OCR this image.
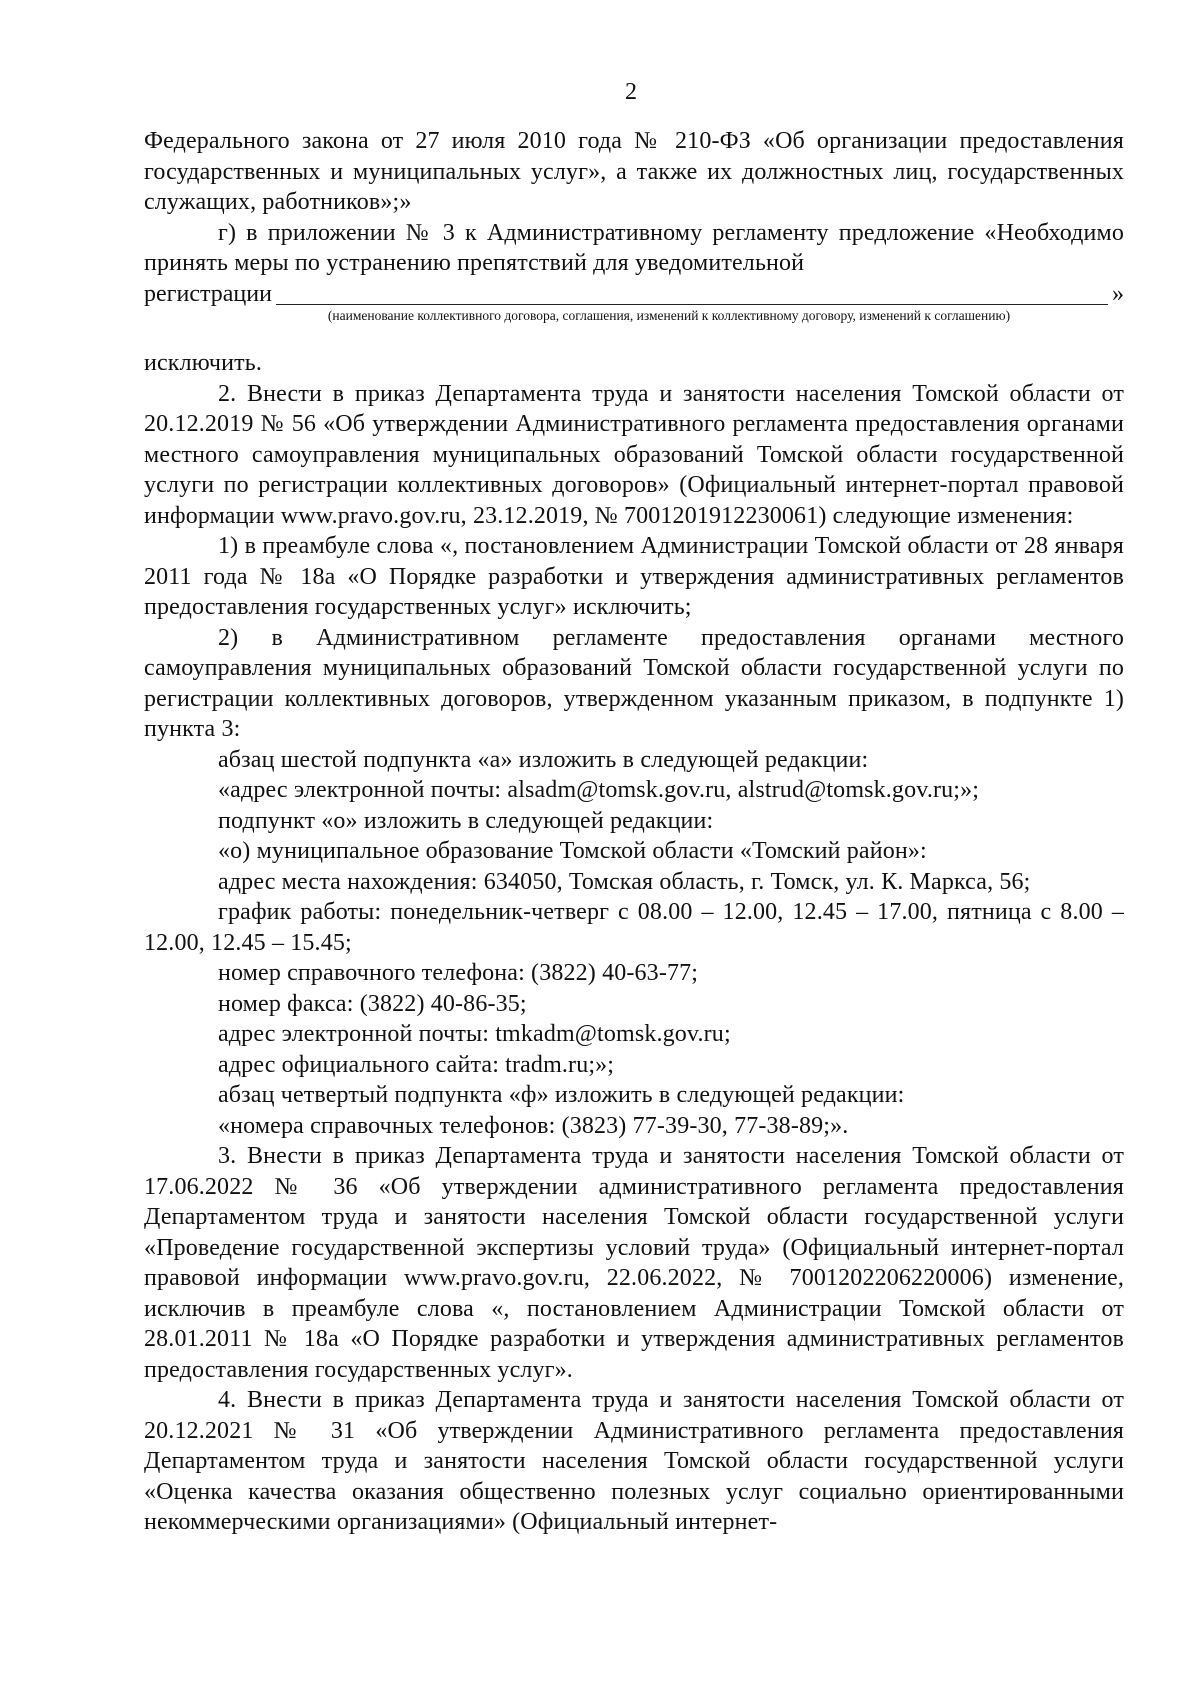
2

Федерального закона от 27 июля 2010 года № 210-ФЗ «Об организации предоставления государственных и муниципальных услуг», а также их должностных лиц, государственных служащих, работников»;»

г) в приложении № 3 к Административному регламенту предложение «Необходимо принять меры по устранению препятствий для уведомительной

регистрации	»
(наименование коллективного договора, соглашения, изменений к коллективному договору, изменений к соглашению)

исключить.

2. Внести в приказ Департамента труда и занятости населения Томской области от 20.12.2019 № 56 «Об утверждении Административного регламента предоставления органами местного самоуправления муниципальных образований Томской области государственной услуги по регистрации коллективных договоров» (Официальный интернет-портал правовой информации www.pravo.gov.ru, 23.12.2019, № 7001201912230061) следующие изменения:

1) в преамбуле слова «, постановлением Администрации Томской области от 28 января 2011 года № 18а «О Порядке разработки и утверждения административных регламентов предоставления государственных услуг» исключить;

2) в Административном регламенте предоставления органами местного самоуправления муниципальных образований Томской области государственной услуги по регистрации коллективных договоров, утвержденном указанным приказом, в подпункте 1) пункта 3:

абзац шестой подпункта «а» изложить в следующей редакции:

«адрес электронной почты: alsadm@tomsk.gov.ru, alstrud@tomsk.gov.ru;»;

подпункт «о» изложить в следующей редакции:

«о) муниципальное образование Томской области «Томский район»:

адрес места нахождения: 634050, Томская область, г. Томск, ул. К. Маркса, 56;

график работы: понедельник-четверг с 08.00 – 12.00, 12.45 – 17.00, пятница с 8.00 – 12.00, 12.45 – 15.45;

номер справочного телефона: (3822) 40-63-77;

номер факса: (3822) 40-86-35;

адрес электронной почты: tmkadm@tomsk.gov.ru;

адрес официального сайта: tradm.ru;»;

абзац четвертый подпункта «ф» изложить в следующей редакции:

«номера справочных телефонов: (3823) 77-39-30, 77-38-89;».

3. Внести в приказ Департамента труда и занятости населения Томской области от 17.06.2022 № 36 «Об утверждении административного регламента предоставления Департаментом труда и занятости населения Томской области государственной услуги «Проведение государственной экспертизы условий труда» (Официальный интернет-портал правовой информации www.pravo.gov.ru, 22.06.2022, № 7001202206220006) изменение, исключив в преамбуле слова «, постановлением Администрации Томской области от 28.01.2011 № 18а «О Порядке разработки и утверждения административных регламентов предоставления государственных услуг».

4. Внести в приказ Департамента труда и занятости населения Томской области от 20.12.2021 № 31 «Об утверждении Административного регламента предоставления Департаментом труда и занятости населения Томской области государственной услуги «Оценка качества оказания общественно полезных услуг социально ориентированными некоммерческими организациями» (Официальный интернет-
